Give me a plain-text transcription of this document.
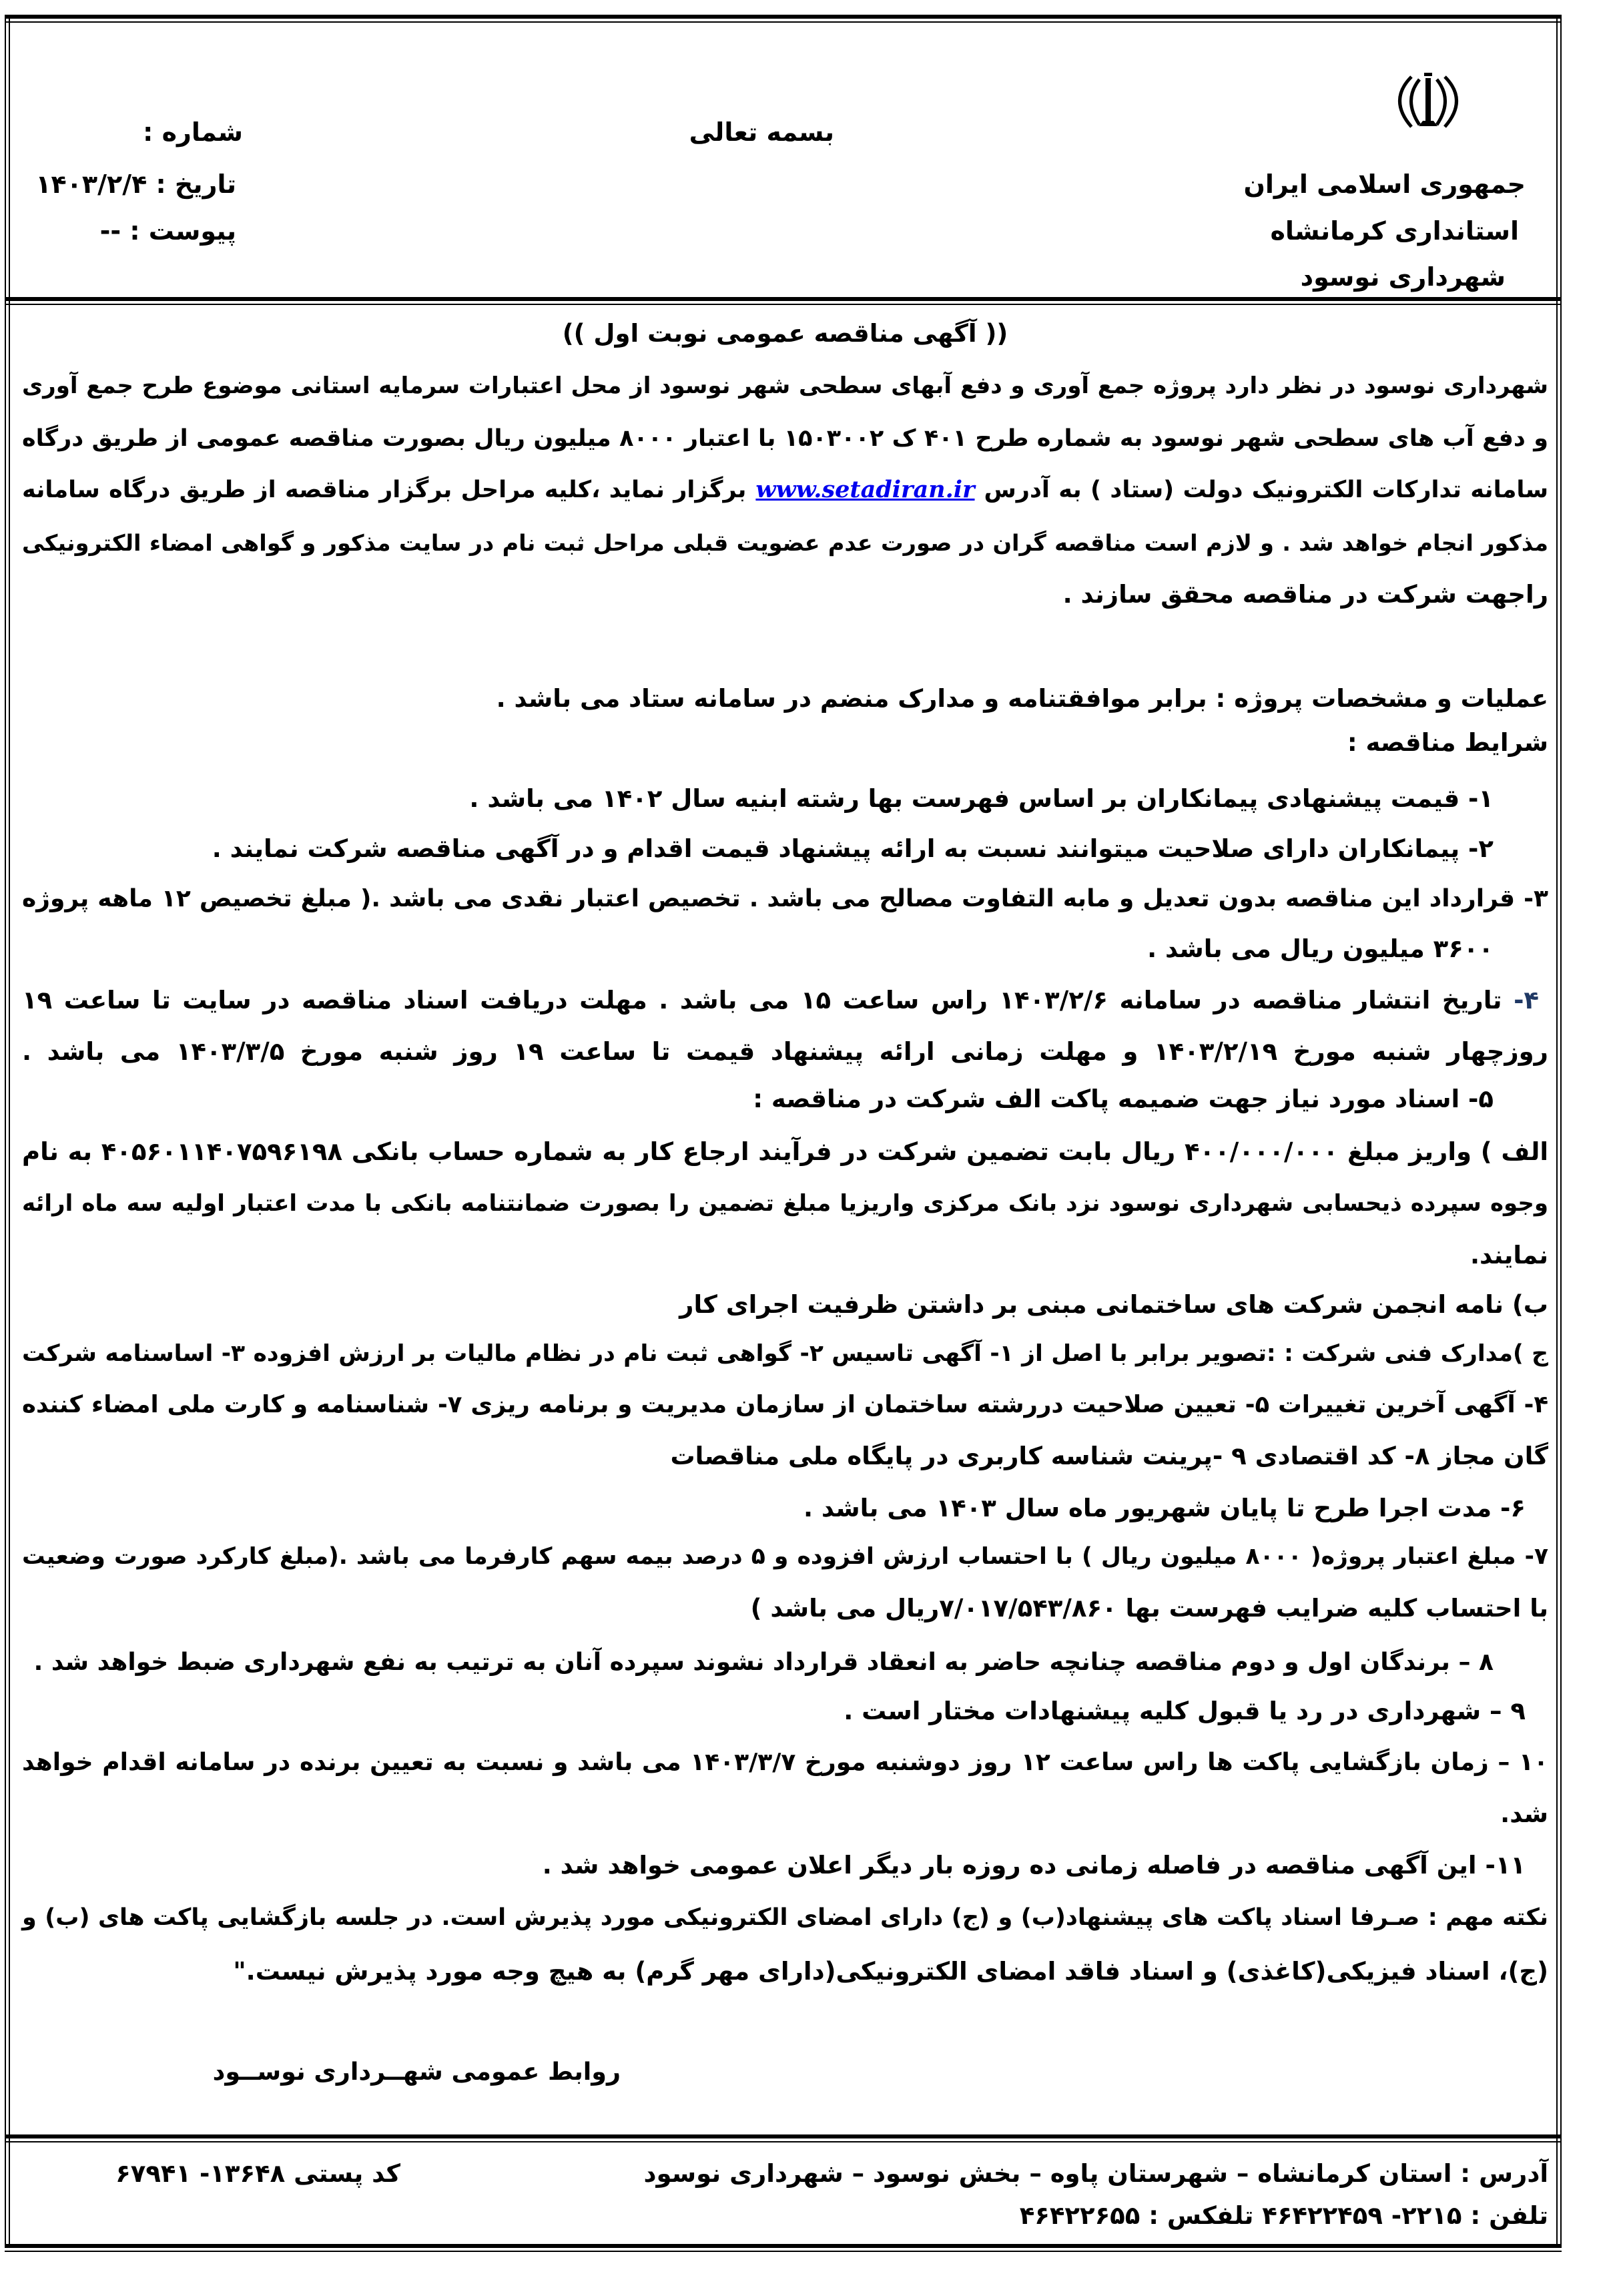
جمهوری اسلامی ایران
استانداری کرمانشاه
شهرداری نوسود
بسمه تعالی
شماره :
تاریخ : ۱۴۰۳/۲/۴
پیوست : --
(( آگهی مناقصه عمومی نوبت اول ))
شهرداری نوسود در نظر دارد پروژه جمع آوری و دفع آبهای سطحی شهر نوسود از محل اعتبارات سرمایه استانی موضوع طرح جمع آوری
و دفع آب های سطحی شهر نوسود به شماره طرح ۴۰۱ ک ۱۵۰۳۰۰۲ با اعتبار ۸۰۰۰ میلیون ریال بصورت مناقصه عمومی از طریق درگاه
سامانه تدارکات الکترونیک دولت (ستاد ) به آدرسwww.setadiran.irبرگزار نماید ،کلیه مراحل برگزار مناقصه از طریق درگاه سامانه
مذکور انجام خواهد شد . و لازم است مناقصه گران در صورت عدم عضویت قبلی مراحل ثبت نام در سایت مذکور و گواهی امضاء الکترونیکی
راجهت شرکت در مناقصه محقق سازند .
عملیات و مشخصات پروژه : برابر موافقتنامه و مدارک منضم در سامانه ستاد می باشد .
شرایط مناقصه :
۱- قیمت پیشنهادی پیمانکاران بر اساس فهرست بها رشته ابنیه سال ۱۴۰۲ می باشد .
۲- پیمانکاران دارای صلاحیت میتوانند نسبت به ارائه پیشنهاد قیمت اقدام و در آگهی مناقصه شرکت نمایند .
۳- قرارداد این مناقصه بدون تعدیل و مابه التفاوت مصالح می باشد . تخصیص اعتبار نقدی می باشد .( مبلغ تخصیص ۱۲ ماهه پروژه
۳۶۰۰ میلیون ریال می باشد .
۴- تاریخ انتشار مناقصه در سامانه ۱۴۰۳/۲/۶ راس ساعت ۱۵ می باشد . مهلت دریافت اسناد مناقصه در سایت تا ساعت ۱۹
روزچهار شنبه مورخ ۱۴۰۳/۲/۱۹ و مهلت زمانی ارائه پیشنهاد قیمت تا ساعت ۱۹ روز شنبه مورخ ۱۴۰۳/۳/۵ می باشد .
۵- اسناد مورد نیاز جهت ضمیمه پاکت الف شرکت در مناقصه :
الف ) واریز مبلغ ۴۰۰/۰۰۰/۰۰۰ ریال بابت تضمین شرکت در فرآیند ارجاع کار به شماره حساب بانکی ۴۰۵۶۰۱۱۴۰۷۵۹۶۱۹۸ به نام
وجوه سپرده ذیحسابی شهرداری نوسود نزد بانک مرکزی واریزیا مبلغ تضمین را بصورت ضمانتنامه بانکی با مدت اعتبار اولیه سه ماه ارائه
نمایند.
ب) نامه انجمن شرکت های ساختمانی مبنی بر داشتن ظرفیت اجرای کار
ج )مدارک فنی شرکت : :تصویر برابر با اصل از ۱- آگهی تاسیس ۲- گواهی ثبت نام در نظام مالیات بر ارزش افزوده ۳- اساسنامه شرکت
۴- آگهی آخرین تغییرات ۵- تعیین صلاحیت دررشته ساختمان از سازمان مدیریت و برنامه ریزی ۷- شناسنامه و کارت ملی امضاء کننده
گان مجاز ۸- کد اقتصادی ۹ -پرینت شناسه کاربری در پایگاه ملی مناقصات
۶- مدت اجرا طرح تا پایان شهریور ماه سال ۱۴۰۳ می باشد .
۷- مبلغ اعتبار پروژه( ۸۰۰۰ میلیون ریال ) با احتساب ارزش افزوده و ۵ درصد بیمه سهم کارفرما می باشد .(مبلغ کارکرد صورت وضعیت
با احتساب کلیه ضرایب فهرست بها ۷/۰۱۷/۵۴۳/۸۶۰ریال می باشد )
۸ – برندگان اول و دوم مناقصه چنانچه حاضر به انعقاد قرارداد نشوند سپرده آنان به ترتیب به نفع شهرداری ضبط خواهد شد .
۹ – شهرداری در رد یا قبول کلیه پیشنهادات مختار است .
۱۰ – زمان بازگشایی پاکت ها راس ساعت ۱۲ روز دوشنبه مورخ ۱۴۰۳/۳/۷ می باشد و نسبت به تعیین برنده در سامانه اقدام خواهد
شد.
۱۱- این آگهی مناقصه در فاصله زمانی ده روزه بار دیگر اعلان عمومی خواهد شد .
نکته مهم : صـرفا اسناد پاکت های پیشنهاد(ب) و (ج) دارای امضای الکترونیکی مورد پذیرش است. در جلسه بازگشایی پاکت های (ب) و
(ج)، اسناد فیزیکی(کاغذی) و اسناد فاقد امضای الکترونیکی(دارای مهر گرم) به هیچ وجه مورد پذیرش نیست."
روابط عمومی شهــرداری نوســود
آدرس : استان کرمانشاه – شهرستان پاوه – بخش نوسود – شهرداری نوسود
کد پستی ۱۳۶۴۸- ۶۷۹۴۱
تلفن : ۲۲۱۵- ۴۶۴۲۲۴۵۹ تلفکس : ۴۶۴۲۲۶۵۵
